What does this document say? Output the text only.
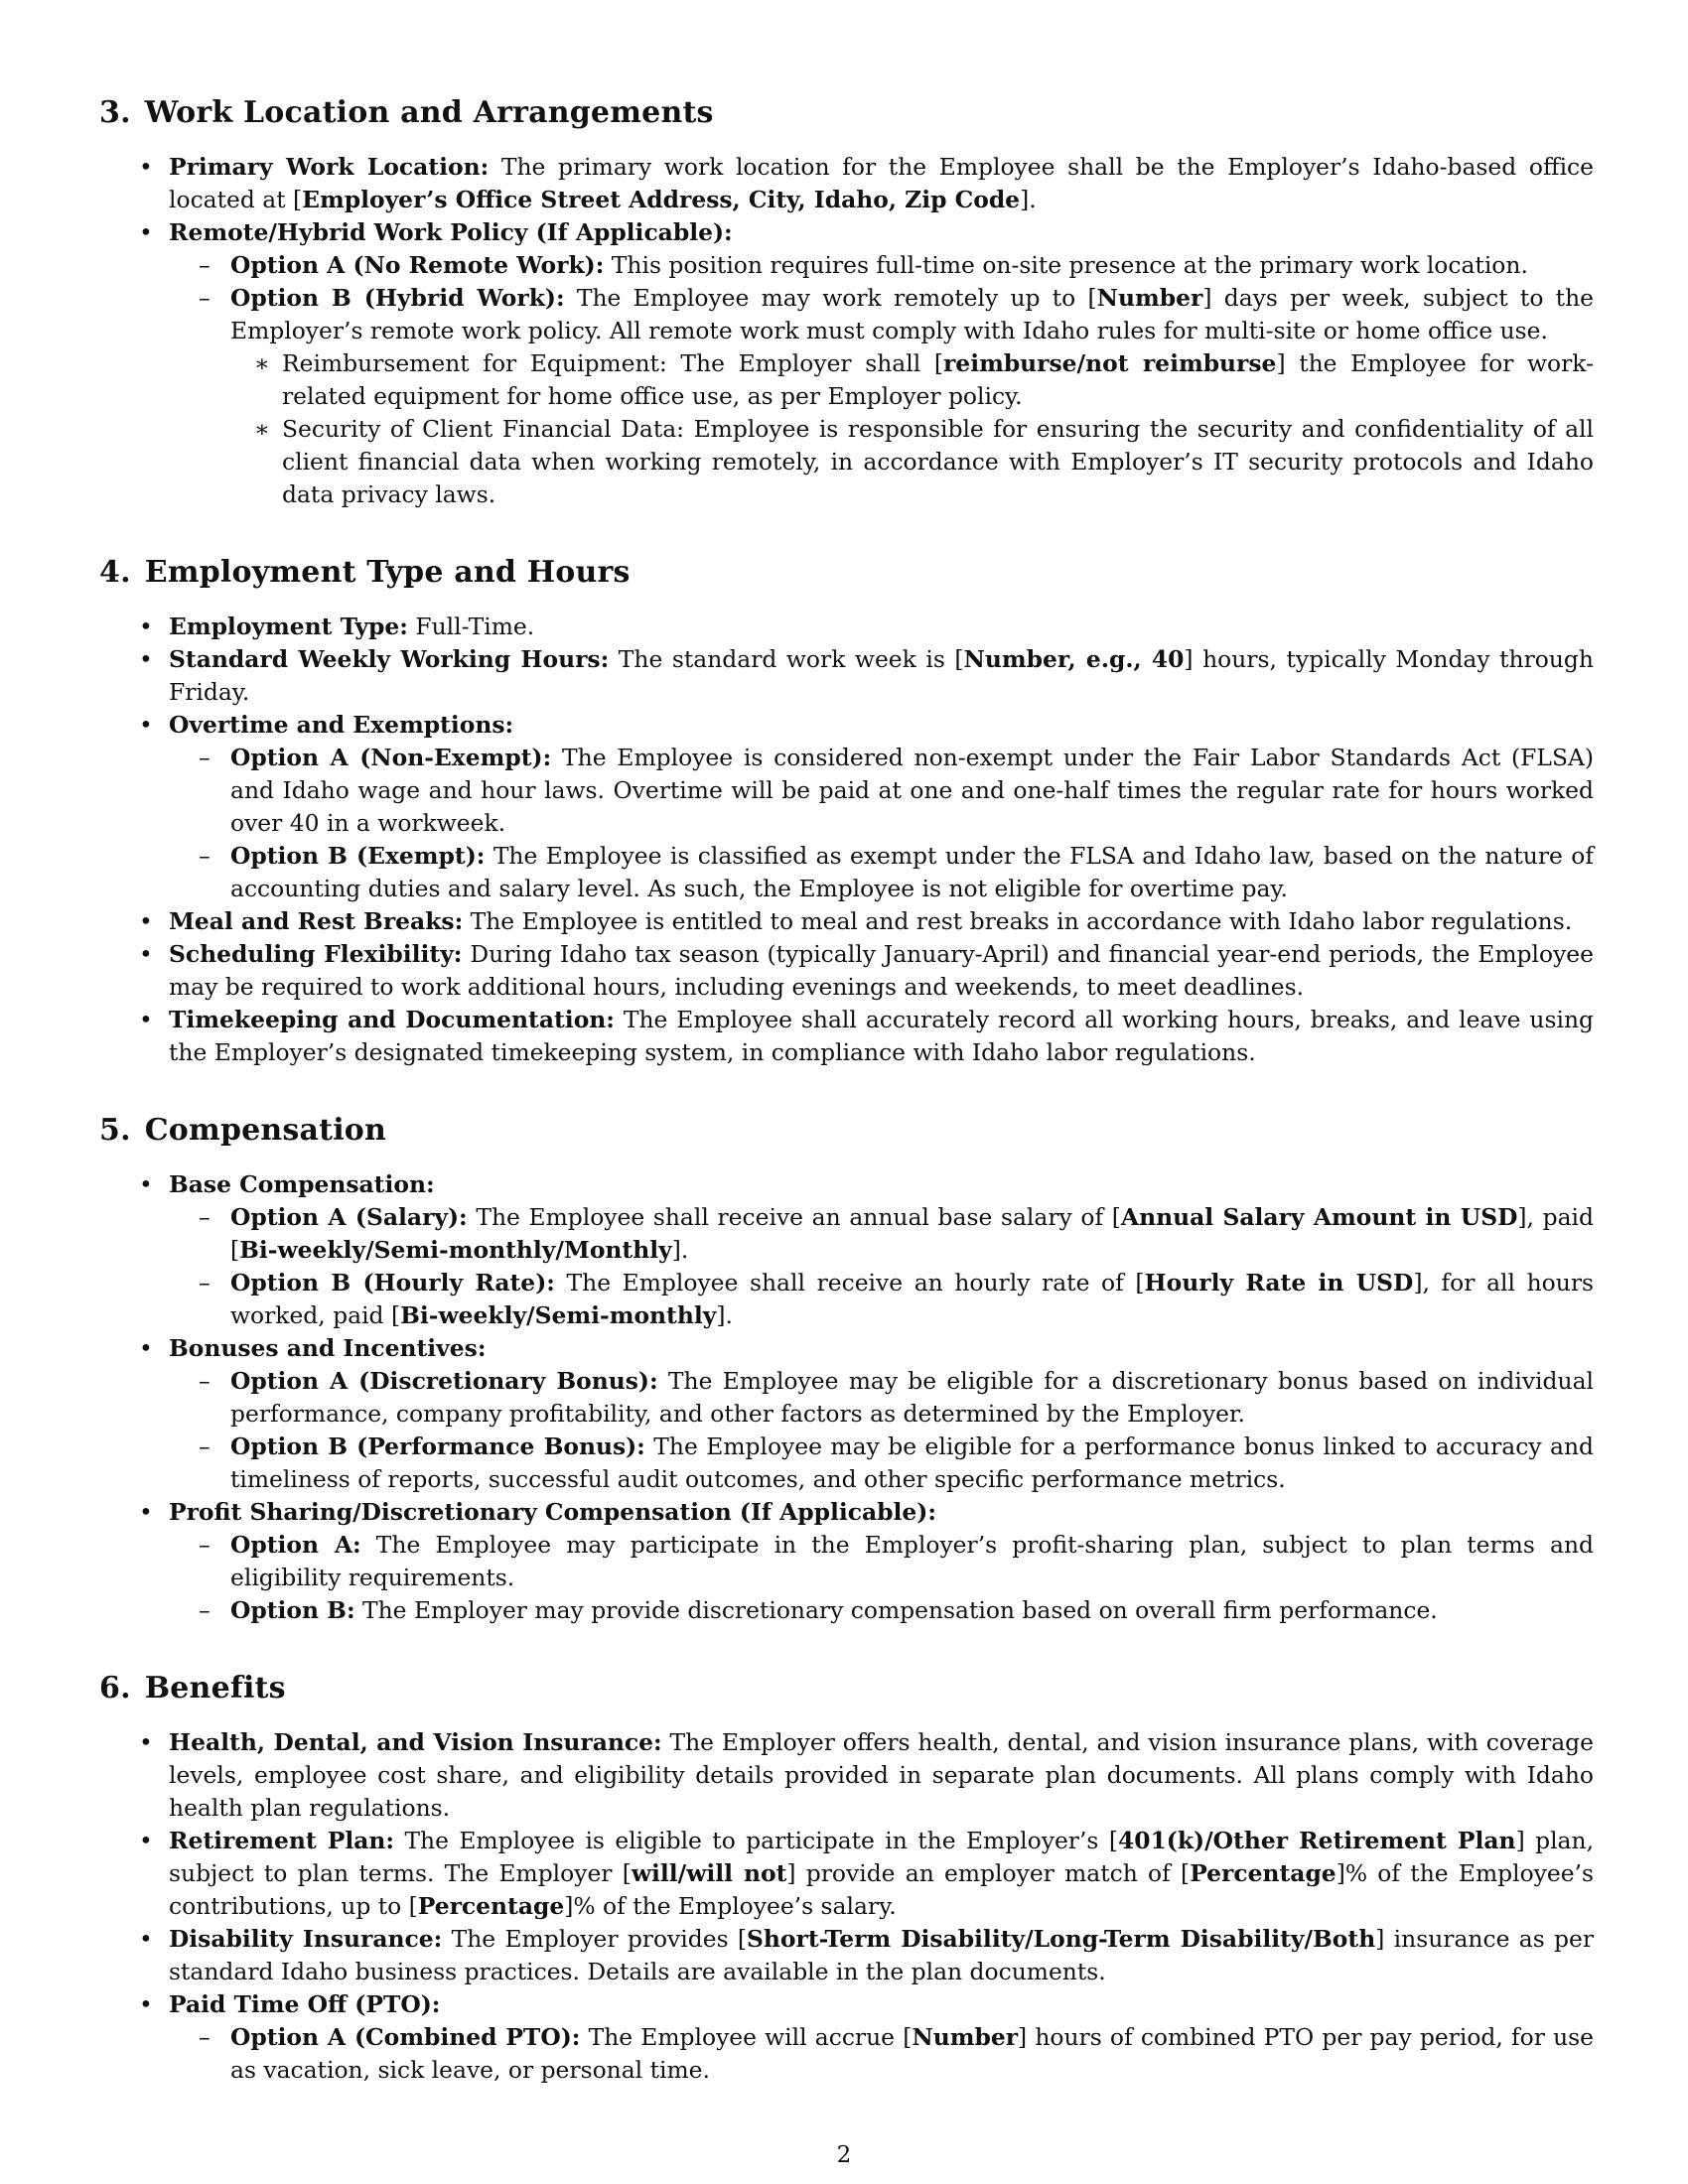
3. Work Location and Arrangements
• Primary Work Location: The primary work location for the Employee shall be the Employer’s Idaho-based office located at [Employer’s Office Street Address, City, Idaho, Zip Code].
• Remote/Hybrid Work Policy (If Applicable):
– Option A (No Remote Work): This position requires full-time on-site presence at the primary work location.
– Option B (Hybrid Work): The Employee may work remotely up to [Number] days per week, subject to the Employer’s remote work policy. All remote work must comply with Idaho rules for multi-site or home office use.
∗ Reimbursement for Equipment: The Employer shall [reimburse/not reimburse] the Employee for work-related equipment for home office use, as per Employer policy.
∗ Security of Client Financial Data: Employee is responsible for ensuring the security and confidentiality of all client financial data when working remotely, in accordance with Employer’s IT security protocols and Idaho data privacy laws.
4. Employment Type and Hours
• Employment Type: Full-Time.
• Standard Weekly Working Hours: The standard work week is [Number, e.g., 40] hours, typically Monday through Friday.
• Overtime and Exemptions:
– Option A (Non-Exempt): The Employee is considered non-exempt under the Fair Labor Standards Act (FLSA) and Idaho wage and hour laws. Overtime will be paid at one and one-half times the regular rate for hours worked over 40 in a workweek.
– Option B (Exempt): The Employee is classified as exempt under the FLSA and Idaho law, based on the nature of accounting duties and salary level. As such, the Employee is not eligible for overtime pay.
• Meal and Rest Breaks: The Employee is entitled to meal and rest breaks in accordance with Idaho labor regulations.
• Scheduling Flexibility: During Idaho tax season (typically January-April) and financial year-end periods, the Employee may be required to work additional hours, including evenings and weekends, to meet deadlines.
• Timekeeping and Documentation: The Employee shall accurately record all working hours, breaks, and leave using the Employer’s designated timekeeping system, in compliance with Idaho labor regulations.
5. Compensation
• Base Compensation:
– Option A (Salary): The Employee shall receive an annual base salary of [Annual Salary Amount in USD], paid [Bi-weekly/Semi-monthly/Monthly].
– Option B (Hourly Rate): The Employee shall receive an hourly rate of [Hourly Rate in USD], for all hours worked, paid [Bi-weekly/Semi-monthly].
• Bonuses and Incentives:
– Option A (Discretionary Bonus): The Employee may be eligible for a discretionary bonus based on individual performance, company profitability, and other factors as determined by the Employer.
– Option B (Performance Bonus): The Employee may be eligible for a performance bonus linked to accuracy and timeliness of reports, successful audit outcomes, and other specific performance metrics.
• Profit Sharing/Discretionary Compensation (If Applicable):
– Option A: The Employee may participate in the Employer’s profit-sharing plan, subject to plan terms and eligibility requirements.
– Option B: The Employer may provide discretionary compensation based on overall firm performance.
6. Benefits
• Health, Dental, and Vision Insurance: The Employer offers health, dental, and vision insurance plans, with coverage levels, employee cost share, and eligibility details provided in separate plan documents. All plans comply with Idaho health plan regulations.
• Retirement Plan: The Employee is eligible to participate in the Employer’s [401(k)/Other Retirement Plan] plan, subject to plan terms. The Employer [will/will not] provide an employer match of [Percentage]% of the Employee’s contributions, up to [Percentage]% of the Employee’s salary.
• Disability Insurance: The Employer provides [Short-Term Disability/Long-Term Disability/Both] insurance as per standard Idaho business practices. Details are available in the plan documents.
• Paid Time Off (PTO):
– Option A (Combined PTO): The Employee will accrue [Number] hours of combined PTO per pay period, for use as vacation, sick leave, or personal time.
2
